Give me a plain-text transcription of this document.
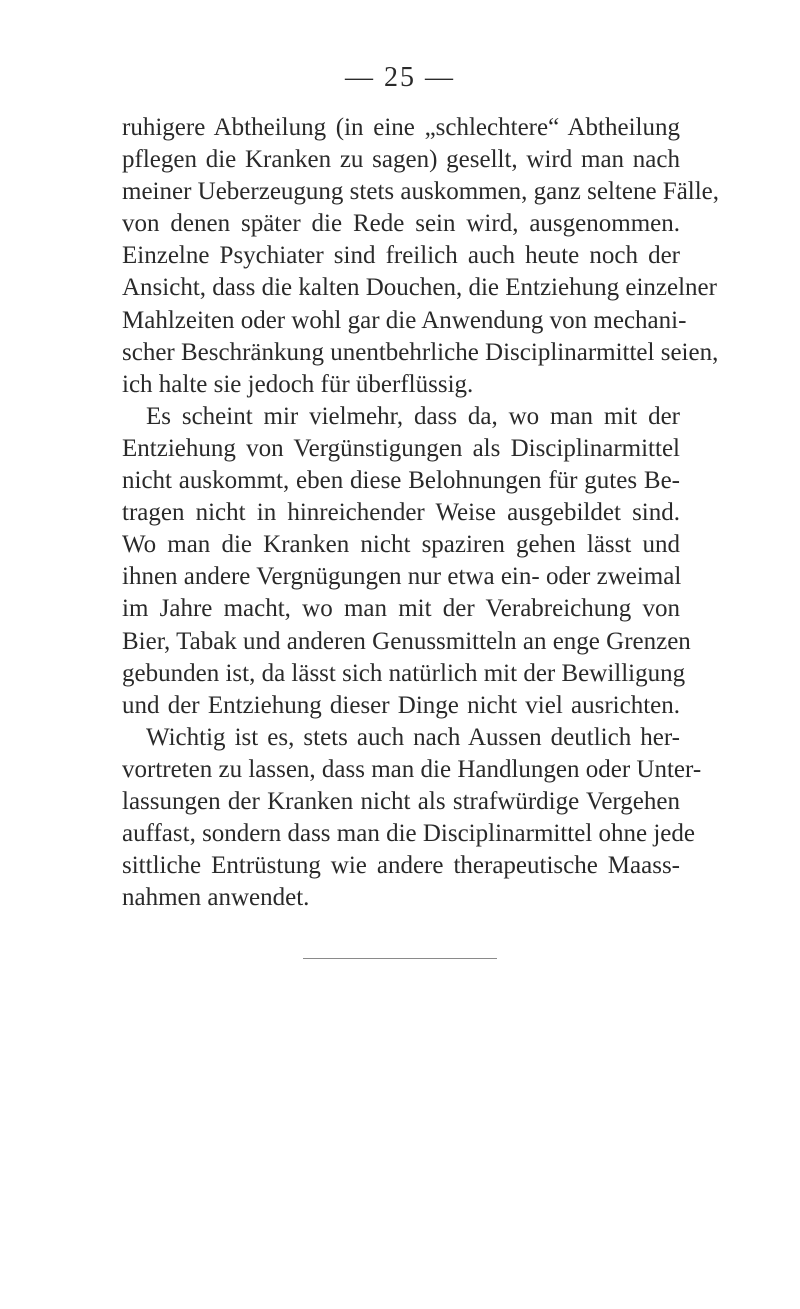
— 25 —
ruhigere Abtheilung (in eine „schlechtere“ Abtheilung
pflegen die Kranken zu sagen) gesellt, wird man nach
meiner Ueberzeugung stets auskommen, ganz seltene Fälle,
von denen später die Rede sein wird, ausgenommen.
Einzelne Psychiater sind freilich auch heute noch der
Ansicht, dass die kalten Douchen, die Entziehung einzelner
Mahlzeiten oder wohl gar die Anwendung von mechani-
scher Beschränkung unentbehrliche Disciplinarmittel seien,
ich halte sie jedoch für überflüssig.
Es scheint mir vielmehr, dass da, wo man mit der
Entziehung von Vergünstigungen als Disciplinarmittel
nicht auskommt, eben diese Belohnungen für gutes Be-
tragen nicht in hinreichender Weise ausgebildet sind.
Wo man die Kranken nicht spaziren gehen lässt und
ihnen andere Vergnügungen nur etwa ein- oder zweimal
im Jahre macht, wo man mit der Verabreichung von
Bier, Tabak und anderen Genussmitteln an enge Grenzen
gebunden ist, da lässt sich natürlich mit der Bewilligung
und der Entziehung dieser Dinge nicht viel ausrichten.
Wichtig ist es, stets auch nach Aussen deutlich her-
vortreten zu lassen, dass man die Handlungen oder Unter-
lassungen der Kranken nicht als strafwürdige Vergehen
auffast, sondern dass man die Disciplinarmittel ohne jede
sittliche Entrüstung wie andere therapeutische Maass-
nahmen anwendet.
